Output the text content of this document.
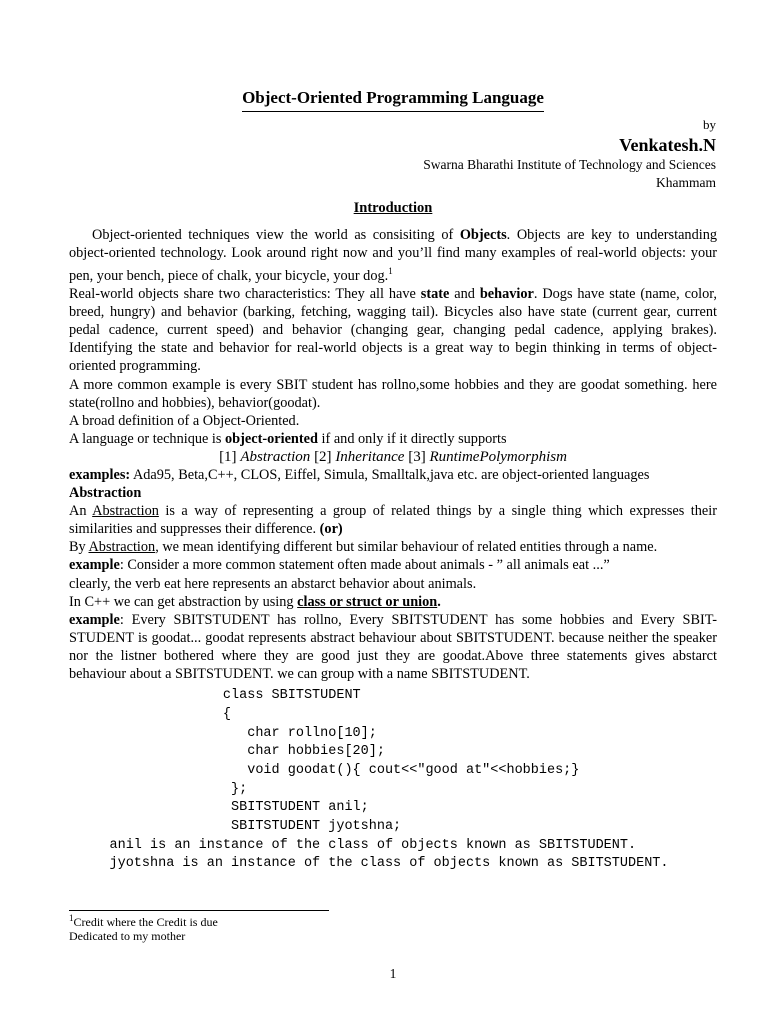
Object-Oriented Programming Language
by
Venkatesh.N
Swarna Bharathi Institute of Technology and Sciences
Khammam
Introduction

Object-oriented techniques view the world as consisiting of Objects. Objects are key to understanding object-oriented technology. Look around right now and you’ll find many examples of real-world objects: your pen, your bench, piece of chalk, your bicycle, your dog.$^1$

Real-world objects share two characteristics: They all have state and behavior. Dogs have state (name, color, breed, hungry) and behavior (barking, fetching, wagging tail). Bicycles also have state (current gear, current pedal cadence, current speed) and behavior (changing gear, changing pedal cadence, applying brakes). Identifying the state and behavior for real-world objects is a great way to begin thinking in terms of object-oriented programming.

A more common example is every SBIT student has rollno,some hobbies and they are goodat something. here state(rollno and hobbies), behavior(goodat).

A broad definition of a Object-Oriented.

A language or technique is object-oriented if and only if it directly supports

[1] Abstraction [2] Inheritance [3] RuntimePolymorphism

examples: Ada95, Beta,C++, CLOS, Eiffel, Simula, Smalltalk,java etc. are object-oriented languages

Abstraction

An Abstraction is a way of representing a group of related things by a single thing which expresses their similarities and suppresses their difference. (or)

By Abstraction, we mean identifying different but similar behaviour of related entities through a name.

example: Consider a more common statement often made about animals - ” all animals eat ...”

clearly, the verb eat here represents an abstarct behavior about animals.

In C++ we can get abstraction by using class or struct or union.

example: Every SBITSTUDENT has rollno, Every SBITSTUDENT has some hobbies and Every SBIT-STUDENT is goodat... goodat represents abstract behaviour about SBITSTUDENT. because neither the speaker nor the listner bothered where they are good just they are goodat.Above three statements gives abstarct behaviour about a SBITSTUDENT. we can group with a name SBITSTUDENT.

class SBITSTUDENT
{
char rollno[10];
char hobbies[20];
void goodat(){ cout<<"good at"<<hobbies;}
};
SBITSTUDENT anil;
SBITSTUDENT jyotshna;
anil is an instance of the class of objects known as SBITSTUDENT.
jyotshna is an instance of the class of objects known as SBITSTUDENT.
$^1$Credit where the Credit is due
Dedicated to my mother
1
